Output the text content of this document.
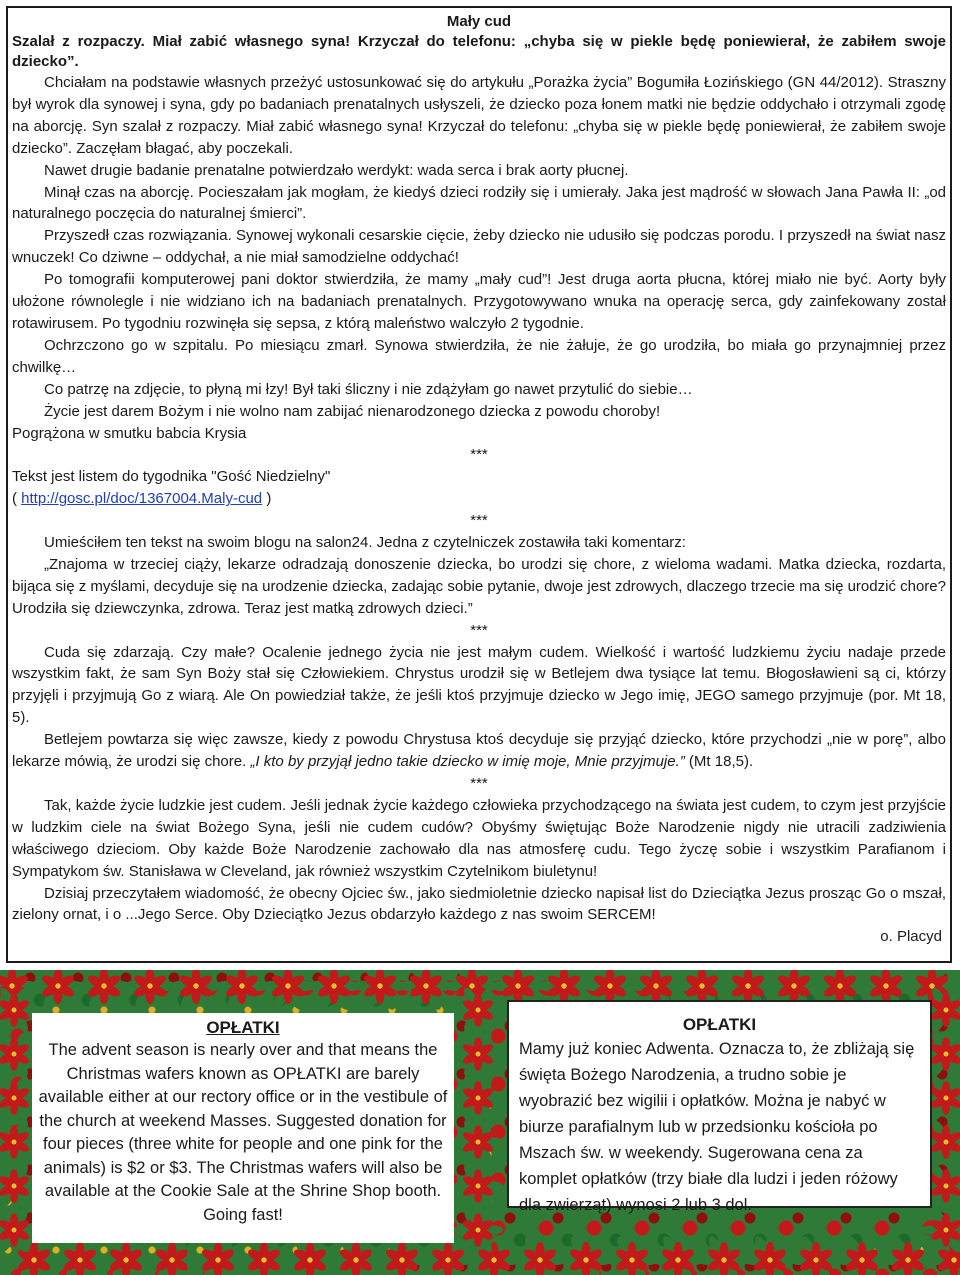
Mały cud

Szalał z rozpaczy. Miał zabić własnego syna! Krzyczał do telefonu: „chyba się w piekle będę poniewierał, że zabiłem swoje dziecko”.

Chciałam na podstawie własnych przeżyć ustosunkować się do artykułu „Porażka życia” Bogumiła Łozińskiego (GN 44/2012). Straszny był wyrok dla synowej i syna, gdy po badaniach prenatalnych usłyszeli, że dziecko poza łonem matki nie będzie oddychało i otrzymali zgodę na aborcję. Syn szalał z rozpaczy. Miał zabić własnego syna! Krzyczał do telefonu: „chyba się w piekle będę poniewierał, że zabiłem swoje dziecko”. Zaczęłam błagać, aby poczekali.

Nawet drugie badanie prenatalne potwierdzało werdykt: wada serca i brak aorty płucnej.

Minął czas na aborcję. Pocieszałam jak mogłam, że kiedyś dzieci rodziły się i umierały. Jaka jest mądrość w słowach Jana Pawła II: „od naturalnego poczęcia do naturalnej śmierci”.

Przyszedł czas rozwiązania. Synowej wykonali cesarskie cięcie, żeby dziecko nie udusiło się podczas porodu. I przyszedł na świat nasz wnuczek! Co dziwne – oddychał, a nie miał samodzielne oddychać!

Po tomografii komputerowej pani doktor stwierdziła, że mamy „mały cud”! Jest druga aorta płucna, której miało nie być. Aorty były ułożone równolegle i nie widziano ich na badaniach prenatalnych. Przygotowywano wnuka na operację serca, gdy zainfekowany został rotawirusem. Po tygodniu rozwinęła się sepsa, z którą maleństwo walczyło 2 tygodnie.

Ochrzczono go w szpitalu. Po miesiącu zmarł. Synowa stwierdziła, że nie żałuje, że go urodziła, bo miała go przynajmniej przez chwilkę…

Co patrzę na zdjęcie, to płyną mi łzy! Był taki śliczny i nie zdążyłam go nawet przytulić do siebie…

Życie jest darem Bożym i nie wolno nam zabijać nienarodzonego dziecka z powodu choroby!

Pogrążona w smutku babcia Krysia

***

Tekst jest listem do tygodnika "Gość Niedzielny"

( http://gosc.pl/doc/1367004.Maly-cud )

***

Umieściłem ten tekst na swoim blogu na salon24. Jedna z czytelniczek zostawiła taki komentarz:

„Znajoma w trzeciej ciąży, lekarze odradzają donoszenie dziecka, bo urodzi się chore, z wieloma wadami. Matka dziecka, rozdarta, bijąca się z myślami, decyduje się na urodzenie dziecka, zadając sobie pytanie, dwoje jest zdrowych, dlaczego trzecie ma się urodzić chore? Urodziła się dziewczynka, zdrowa. Teraz jest matką zdrowych dzieci.”

***

Cuda się zdarzają. Czy małe? Ocalenie jednego życia nie jest małym cudem. Wielkość i wartość ludzkiemu życiu nadaje przede wszystkim fakt, że sam Syn Boży stał się Człowiekiem. Chrystus urodził się w Betlejem dwa tysiące lat temu. Błogosławieni są ci, którzy przyjęli i przyjmują Go z wiarą. Ale On powiedział także, że jeśli ktoś przyjmuje dziecko w Jego imię, JEGO samego przyjmuje (por. Mt 18, 5).

Betlejem powtarza się więc zawsze, kiedy z powodu Chrystusa ktoś decyduje się przyjąć dziecko, które przychodzi „nie w porę”, albo lekarze mówią, że urodzi się chore. „I kto by przyjął jedno takie dziecko w imię moje, Mnie przyjmuje.” (Mt 18,5).

***

Tak, każde życie ludzkie jest cudem. Jeśli jednak życie każdego człowieka przychodzącego na świata jest cudem, to czym jest przyjście w ludzkim ciele na świat Bożego Syna, jeśli nie cudem cudów? Obyśmy świętując Boże Narodzenie nigdy nie utracili zadziwienia właściwego dzieciom. Oby każde Boże Narodzenie zachowało dla nas atmosferę cudu. Tego życzę sobie i wszystkim Parafianom i Sympatykom św. Stanisława w Cleveland, jak również wszystkim Czytelnikom biuletynu!

Dzisiaj przeczytałem wiadomość, że obecny Ojciec św., jako siedmioletnie dziecko napisał list do Dzieciątka Jezus prosząc Go o mszał, zielony ornat, i o ...Jego Serce. Oby Dzieciątko Jezus obdarzyło każdego z nas swoim SERCEM!

o. Placyd

OPŁATKI
The advent season is nearly over and that means the Christmas wafers known as OPŁATKI are barely available either at our rectory office or in the vestibule of the church at weekend Masses. Suggested donation for four pieces (three white for people and one pink for the animals) is $2 or $3. The Christmas wafers will also be available at the Cookie Sale at the Shrine Shop booth. Going fast!
OPŁATKI
Mamy już koniec Adwenta. Oznacza to, że zbliżają się święta Bożego Narodzenia, a trudno sobie je wyobrazić bez wigilii i opłatków. Można je nabyć w biurze parafialnym lub w przedsionku kościoła po Mszach św. w weekendy. Sugerowana cena za komplet opłatków (trzy białe dla ludzi i jeden różowy dla zwierząt) wynosi 2 lub 3 dol.
